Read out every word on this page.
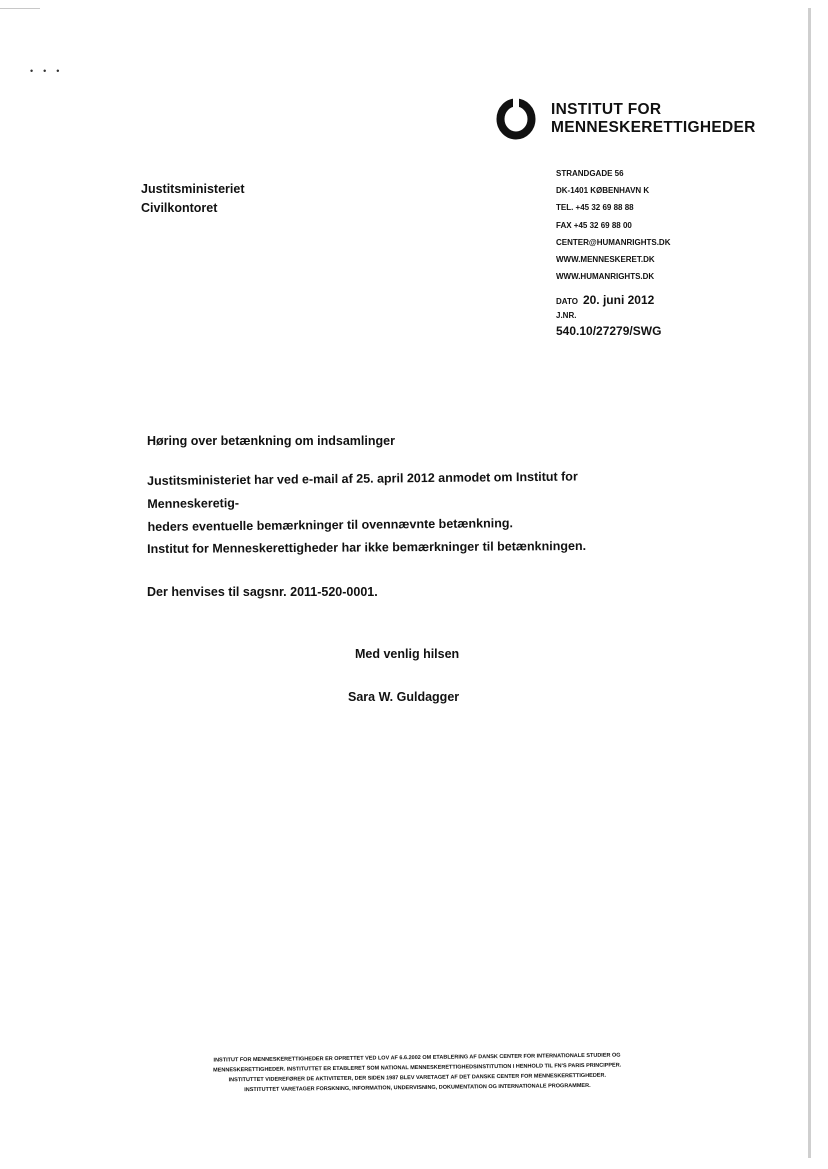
•••
INSTITUT FOR
MENNESKERETTIGHEDER
Justitsministeriet
Civilkontoret
STRANDGADE 56
DK-1401 KØBENHAVN K
TEL. +45 32 69 88 88
FAX +45 32 69 88 00
CENTER@HUMANRIGHTS.DK
WWW.MENNESKERET.DK
WWW.HUMANRIGHTS.DK
DATO 20. juni 2012
J.NR.
540.10/27279/SWG
Høring over betænkning om indsamlinger
Justitsministeriet har ved e-mail af 25. april 2012 anmodet om Institut for Menneskeretig-
heders eventuelle bemærkninger til ovennævnte betænkning.
Institut for Menneskerettigheder har ikke bemærkninger til betænkningen.
Der henvises til sagsnr. 2011-520-0001.
Med venlig hilsen
Sara W. Guldagger
INSTITUT FOR MENNESKERETTIGHEDER ER OPRETTET VED LOV AF 6.6.2002 OM ETABLERING AF DANSK CENTER FOR INTERNATIONALE STUDIER OG
MENNESKERETTIGHEDER. INSTITUTTET ER ETABLERET SOM NATIONAL MENNESKERETTIGHEDSINSTITUTION I HENHOLD TIL FN'S PARIS PRINCIPPER.
INSTITUTTET VIDEREFØRER DE AKTIVITETER, DER SIDEN 1987 BLEV VARETAGET AF DET DANSKE CENTER FOR MENNESKERETTIGHEDER.
INSTITUTTET VARETAGER FORSKNING, INFORMATION, UNDERVISNING, DOKUMENTATION OG INTERNATIONALE PROGRAMMER.
